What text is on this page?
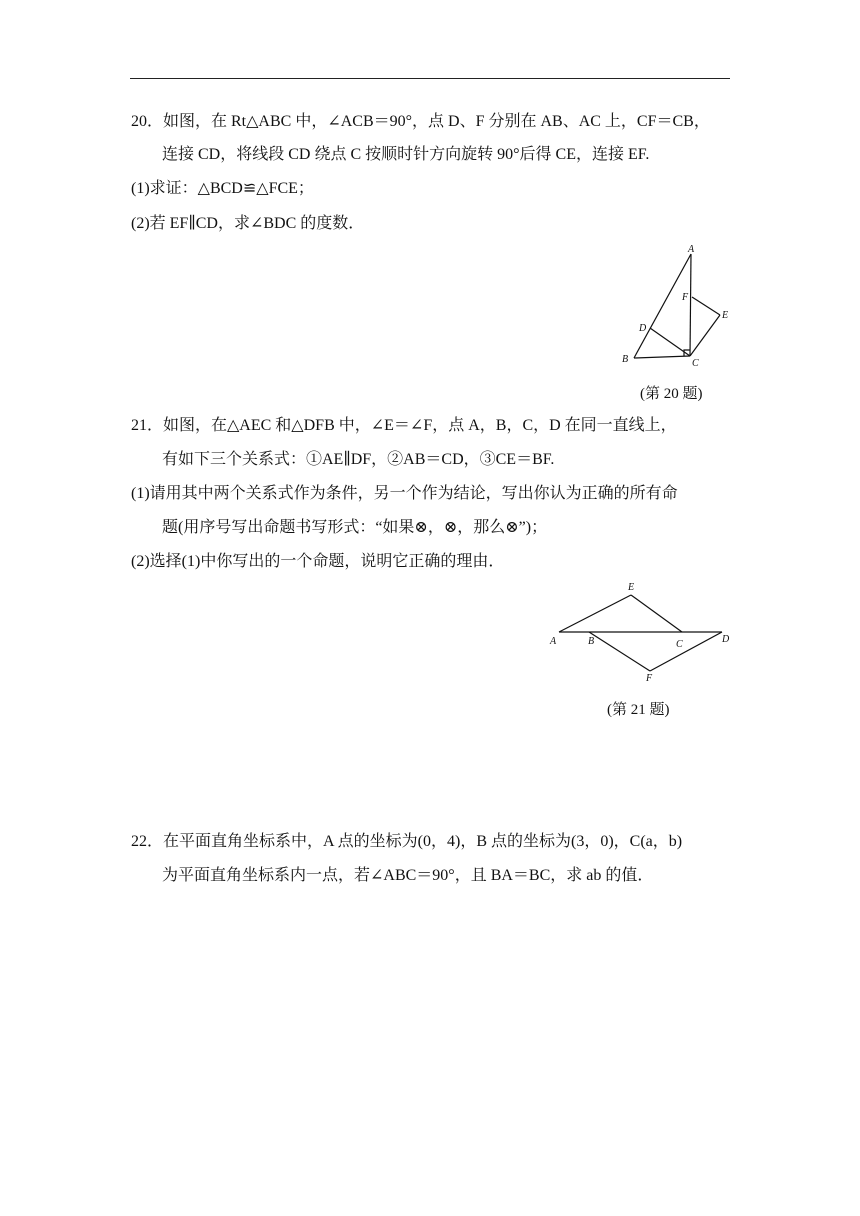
20．如图，在 Rt△ABC 中，∠ACB＝90°，点 D、F 分别在 AB、AC 上，CF＝CB，
连接 CD，将线段 CD 绕点 C 按顺时针方向旋转 90°后得 CE，连接 EF.
(1)求证：△BCD≌△FCE；
(2)若 EF∥CD，求∠BDC 的度数．
A
F
E
D
B	C
(第 20 题)
21．如图，在△AEC 和△DFB 中，∠E＝∠F，点 A，B，C，D 在同一直线上，
有如下三个关系式：①AE∥DF，②AB＝CD，③CE＝BF.
(1)请用其中两个关系式作为条件，另一个作为结论，写出你认为正确的所有命
题(用序号写出命题书写形式：“如果⊗，⊗，那么⊗”)；
(2)选择(1)中你写出的一个命题，说明它正确的理由．
E
A	B	C	D
F
(第 21 题)
22．在平面直角坐标系中，A 点的坐标为(0，4)，B 点的坐标为(3，0)，C(a，b)
为平面直角坐标系内一点，若∠ABC＝90°，且 BA＝BC，求 ab 的值．
